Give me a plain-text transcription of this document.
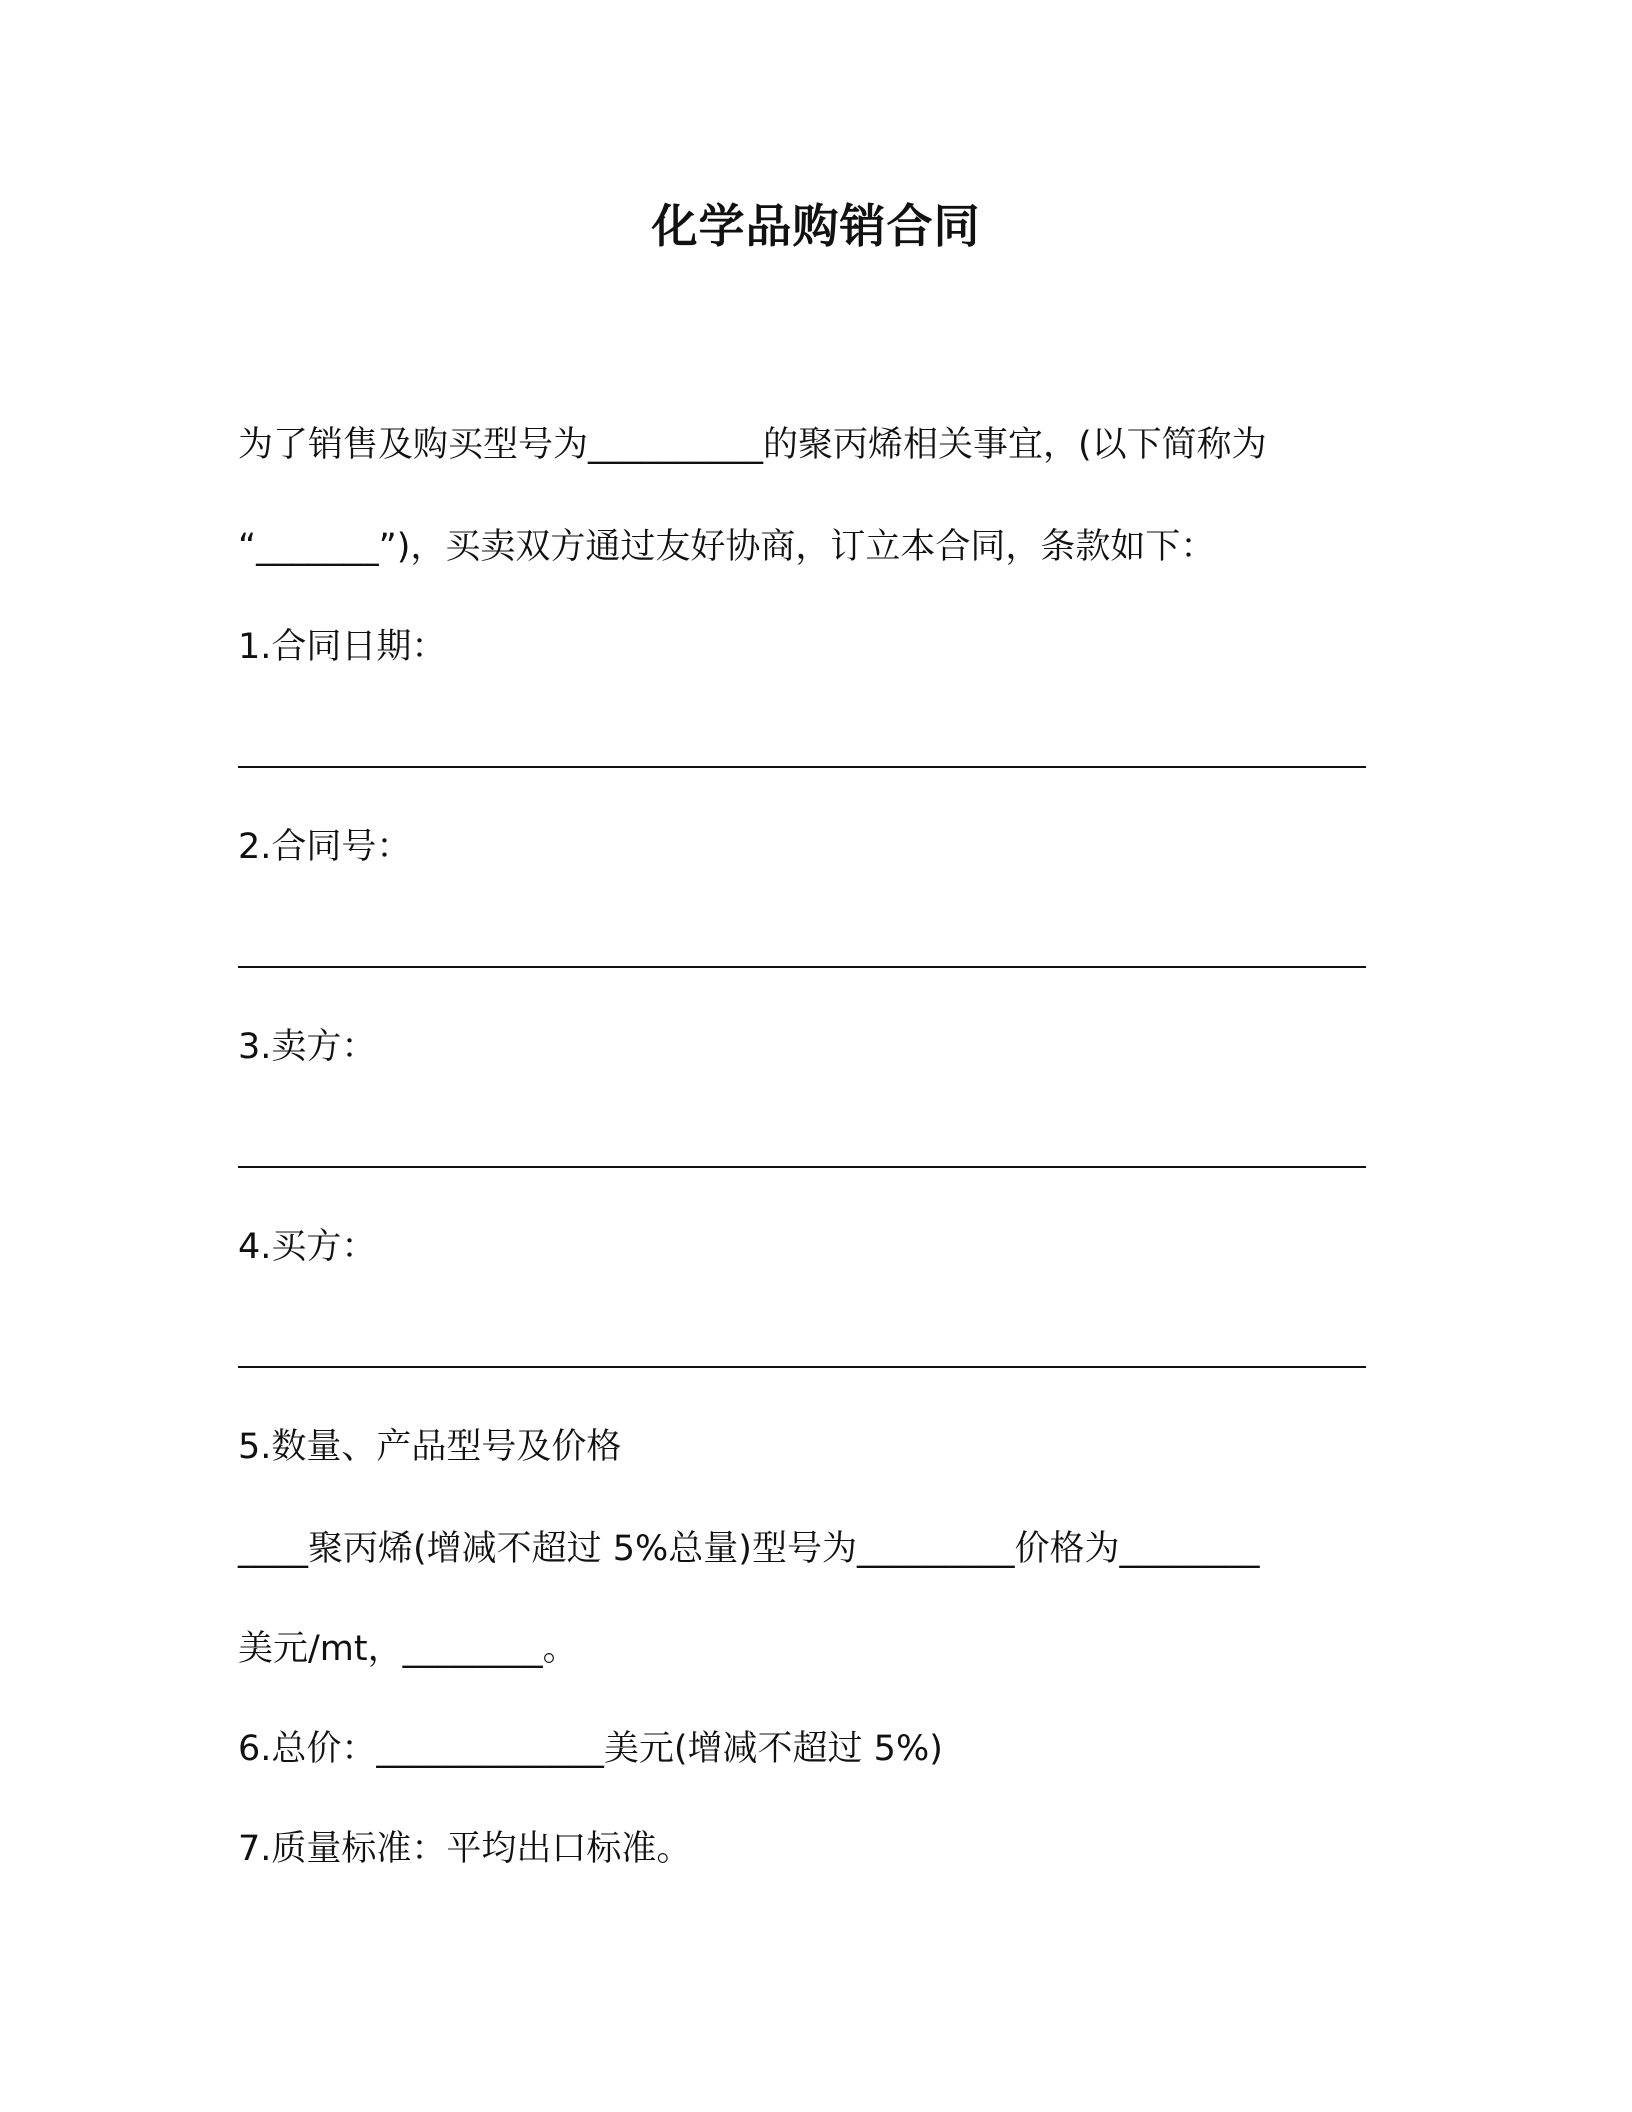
化学品购销合同
为了销售及购买型号为__________的聚丙烯相关事宜，(以下简称为
“_______”)，买卖双方通过友好协商，订立本合同，条款如下：
1.合同日期：
2.合同号：
3.卖方：
4.买方：
5.数量、产品型号及价格
____聚丙烯(增减不超过 5%总量)型号为_________价格为________
美元/mt，________。
6.总价：_____________美元(增减不超过 5%)
7.质量标准：平均出口标准。
